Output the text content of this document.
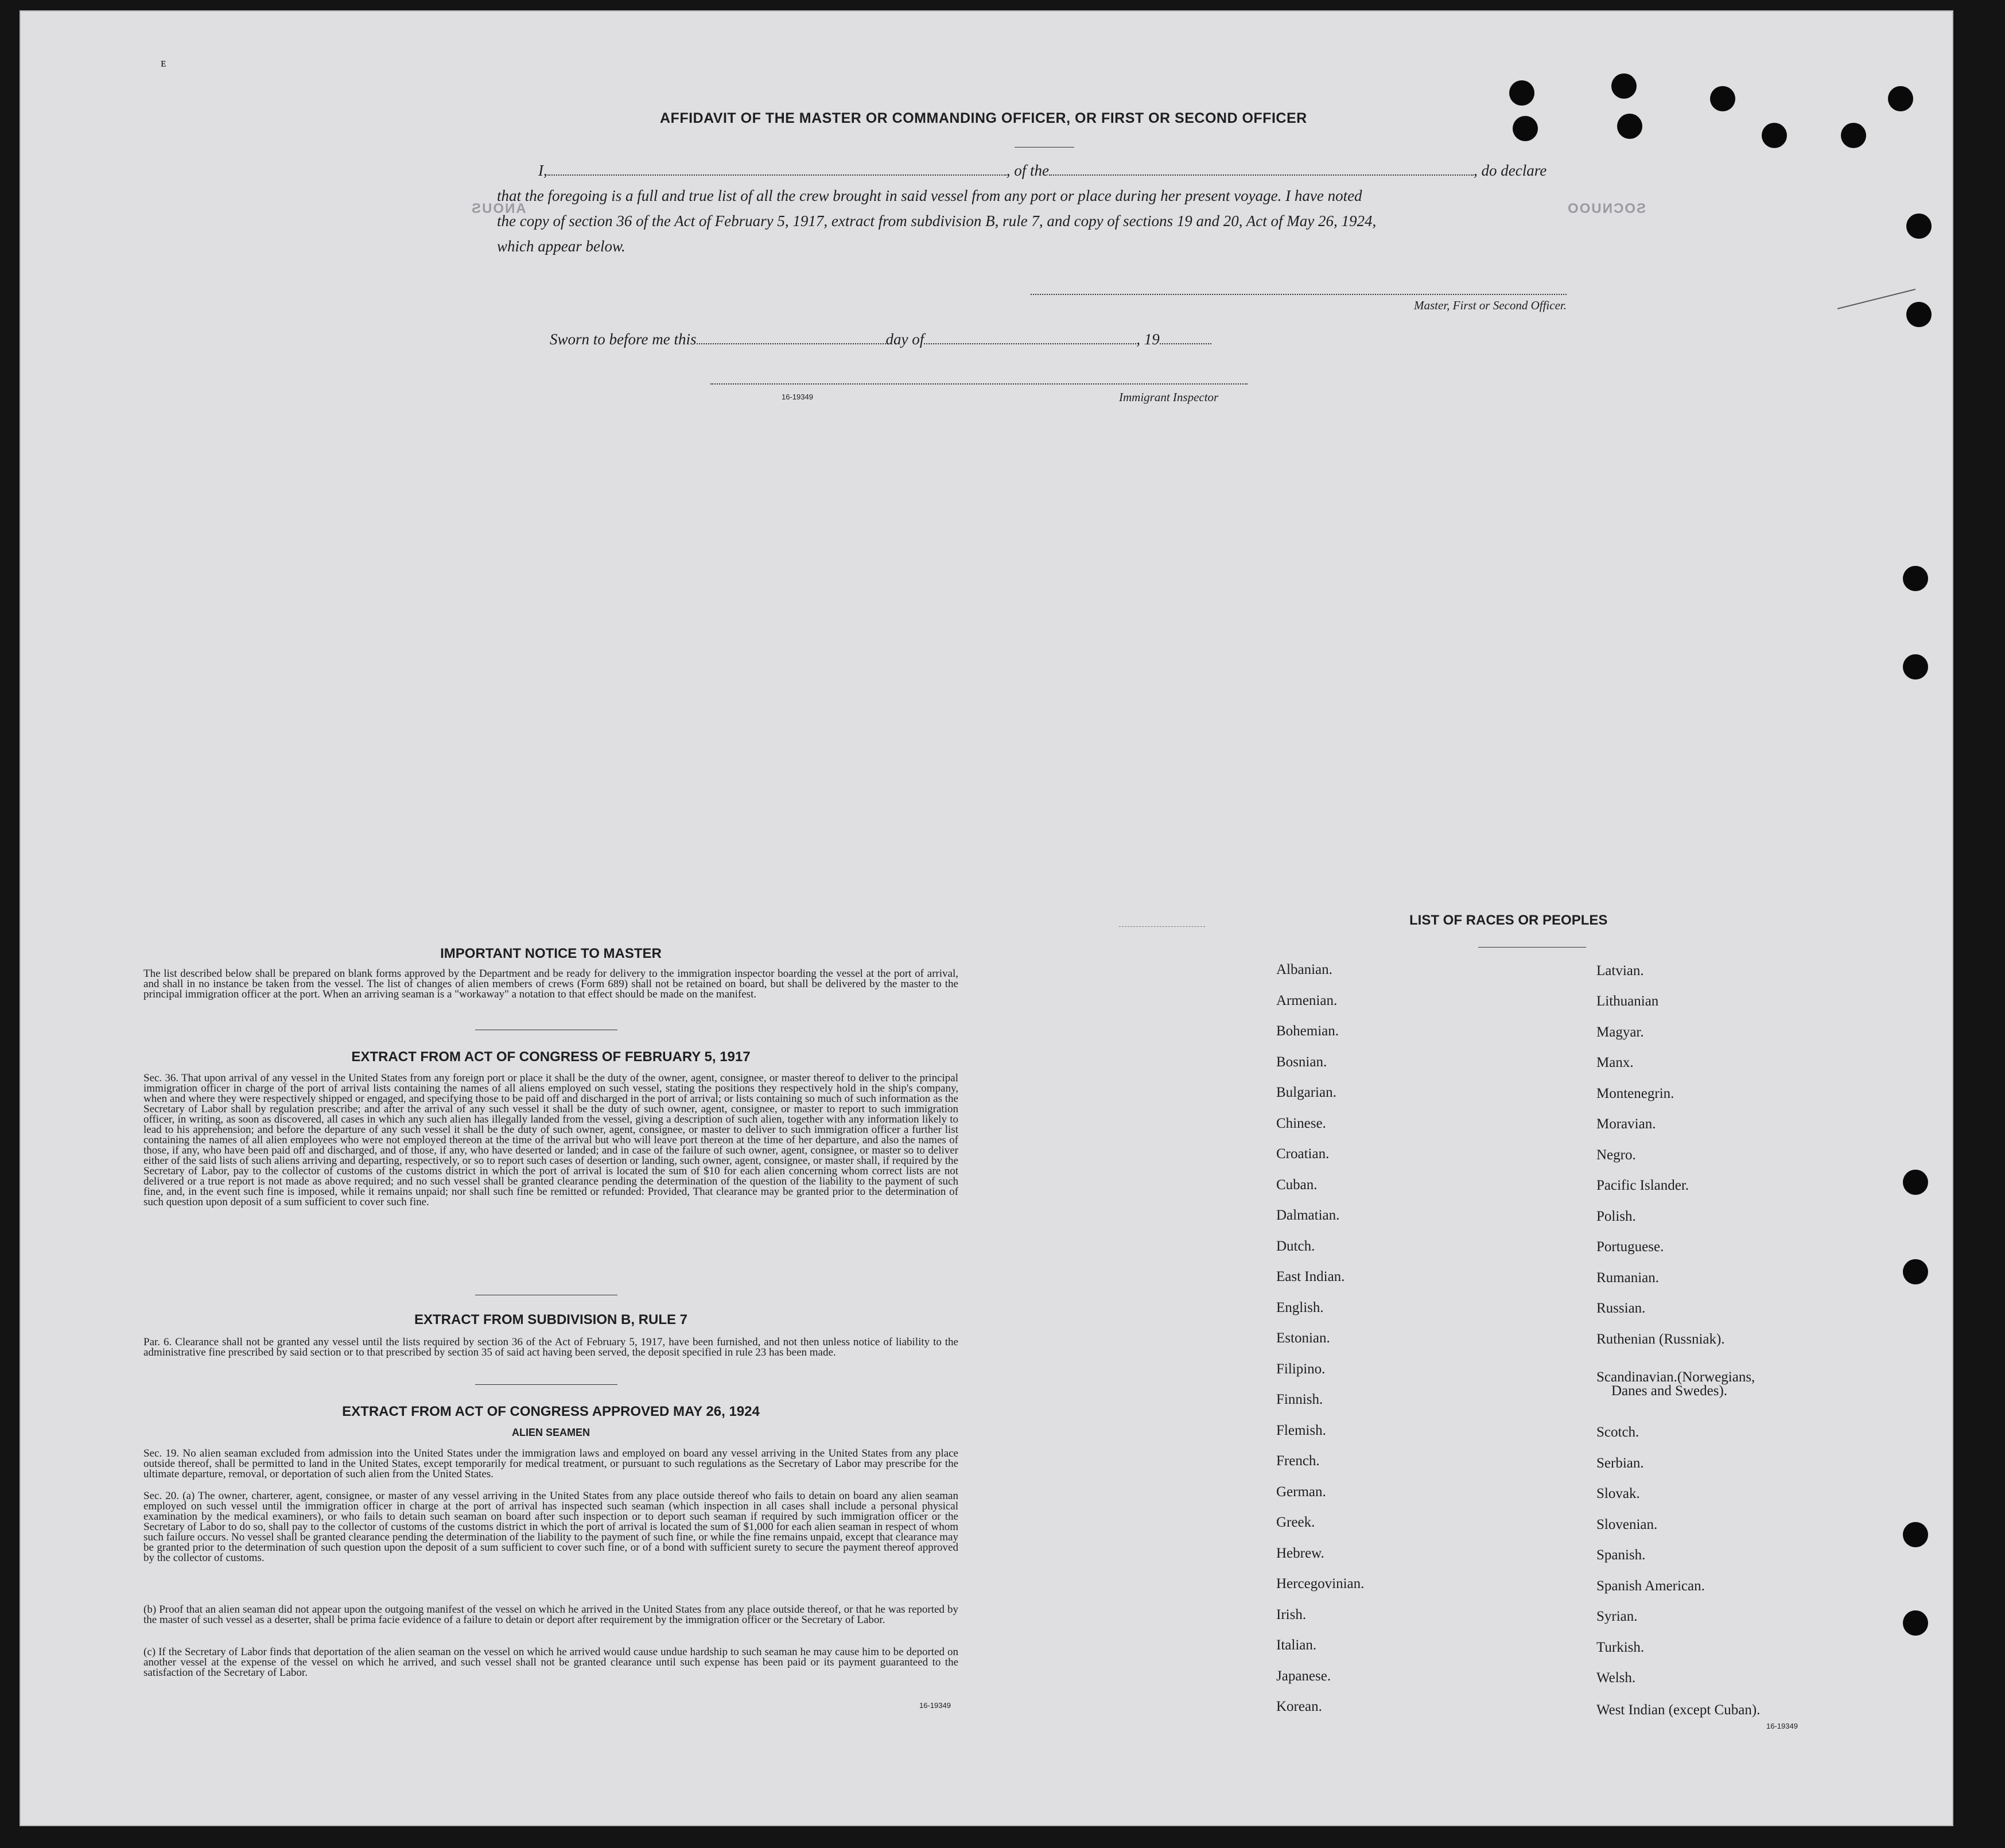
ANOUS	SOCNUOO
ᴇ
AFFIDAVIT OF THE MASTER OR COMMANDING OFFICER, OR FIRST OR SECOND OFFICER
I,	, of the	, do declare
that the foregoing is a full and true list of all the crew brought in said vessel from any port or place during her present voyage. I have noted
the copy of section 36 of the Act of February 5, 1917, extract from subdivision B, rule 7, and copy of sections 19 and 20, Act of May 26, 1924,
which appear below.
Master, First or Second Officer.
Sworn to before me this	day of	, 19
16-19349	Immigrant Inspector
IMPORTANT NOTICE TO MASTER
The list described below shall be prepared on blank forms approved by the Department and be ready for delivery to the immigration inspector boarding the vessel at the port of arrival, and shall in no instance be taken from the vessel. The list of changes of alien members of crews (Form 689) shall not be retained on board, but shall be delivered by the master to the principal immigration officer at the port. When an arriving seaman is a "workaway" a notation to that effect should be made on the manifest.
EXTRACT FROM ACT OF CONGRESS OF FEBRUARY 5, 1917
Sec. 36. That upon arrival of any vessel in the United States from any foreign port or place it shall be the duty of the owner, agent, consignee, or master thereof to deliver to the principal immigration officer in charge of the port of arrival lists containing the names of all aliens employed on such vessel, stating the positions they respectively hold in the ship's company, when and where they were respectively shipped or engaged, and specifying those to be paid off and discharged in the port of arrival; or lists containing so much of such information as the Secretary of Labor shall by regulation prescribe; and after the arrival of any such vessel it shall be the duty of such owner, agent, consignee, or master to report to such immigration officer, in writing, as soon as discovered, all cases in which any such alien has illegally landed from the vessel, giving a description of such alien, together with any information likely to lead to his apprehension; and before the departure of any such vessel it shall be the duty of such owner, agent, consignee, or master to deliver to such immigration officer a further list containing the names of all alien employees who were not employed thereon at the time of the arrival but who will leave port thereon at the time of her departure, and also the names of those, if any, who have been paid off and discharged, and of those, if any, who have deserted or landed; and in case of the failure of such owner, agent, consignee, or master so to deliver either of the said lists of such aliens arriving and departing, respectively, or so to report such cases of desertion or landing, such owner, agent, consignee, or master shall, if required by the Secretary of Labor, pay to the collector of customs of the customs district in which the port of arrival is located the sum of $10 for each alien concerning whom correct lists are not delivered or a true report is not made as above required; and no such vessel shall be granted clearance pending the determination of the question of the liability to the payment of such fine, and, in the event such fine is imposed, while it remains unpaid; nor shall such fine be remitted or refunded: Provided, That clearance may be granted prior to the determination of such question upon deposit of a sum sufficient to cover such fine.
EXTRACT FROM SUBDIVISION B, RULE 7
Par. 6. Clearance shall not be granted any vessel until the lists required by section 36 of the Act of February 5, 1917, have been furnished, and not then unless notice of liability to the administrative fine prescribed by said section or to that prescribed by section 35 of said act having been served, the deposit specified in rule 23 has been made.
EXTRACT FROM ACT OF CONGRESS APPROVED MAY 26, 1924
ALIEN SEAMEN
Sec. 19. No alien seaman excluded from admission into the United States under the immigration laws and employed on board any vessel arriving in the United States from any place outside thereof, shall be permitted to land in the United States, except temporarily for medical treatment, or pursuant to such regulations as the Secretary of Labor may prescribe for the ultimate departure, removal, or deportation of such alien from the United States.
Sec. 20. (a) The owner, charterer, agent, consignee, or master of any vessel arriving in the United States from any place outside thereof who fails to detain on board any alien seaman employed on such vessel until the immigration officer in charge at the port of arrival has inspected such seaman (which inspection in all cases shall include a personal physical examination by the medical examiners), or who fails to detain such seaman on board after such inspection or to deport such seaman if required by such immigration officer or the Secretary of Labor to do so, shall pay to the collector of customs of the customs district in which the port of arrival is located the sum of $1,000 for each alien seaman in respect of whom such failure occurs. No vessel shall be granted clearance pending the determination of the liability to the payment of such fine, or while the fine remains unpaid, except that clearance may be granted prior to the determination of such question upon the deposit of a sum sufficient to cover such fine, or of a bond with sufficient surety to secure the payment thereof approved by the collector of customs.
(b) Proof that an alien seaman did not appear upon the outgoing manifest of the vessel on which he arrived in the United States from any place outside thereof, or that he was reported by the master of such vessel as a deserter, shall be prima facie evidence of a failure to detain or deport after requirement by the immigration officer or the Secretary of Labor.
(c) If the Secretary of Labor finds that deportation of the alien seaman on the vessel on which he arrived would cause undue hardship to such seaman he may cause him to be deported on another vessel at the expense of the vessel on which he arrived, and such vessel shall not be granted clearance until such expense has been paid or its payment guaranteed to the satisfaction of the Secretary of Labor.
16-19349
LIST OF RACES OR PEOPLES
Albanian.
Armenian.
Bohemian.
Bosnian.
Bulgarian.
Chinese.
Croatian.
Cuban.
Dalmatian.
Dutch.
East Indian.
English.
Estonian.
Filipino.
Finnish.
Flemish.
French.
German.
Greek.
Hebrew.
Hercegovinian.
Irish.
Italian.
Japanese.
Korean.
Latvian.
Lithuanian
Magyar.
Manx.
Montenegrin.
Moravian.
Negro.
Pacific Islander.
Polish.
Portuguese.
Rumanian.
Russian.
Ruthenian (Russniak).
Scandinavian.(Norwegians,
Danes and Swedes).
Scotch.
Serbian.
Slovak.
Slovenian.
Spanish.
Spanish American.
Syrian.
Turkish.
Welsh.
West Indian (except Cuban).
16-19349
